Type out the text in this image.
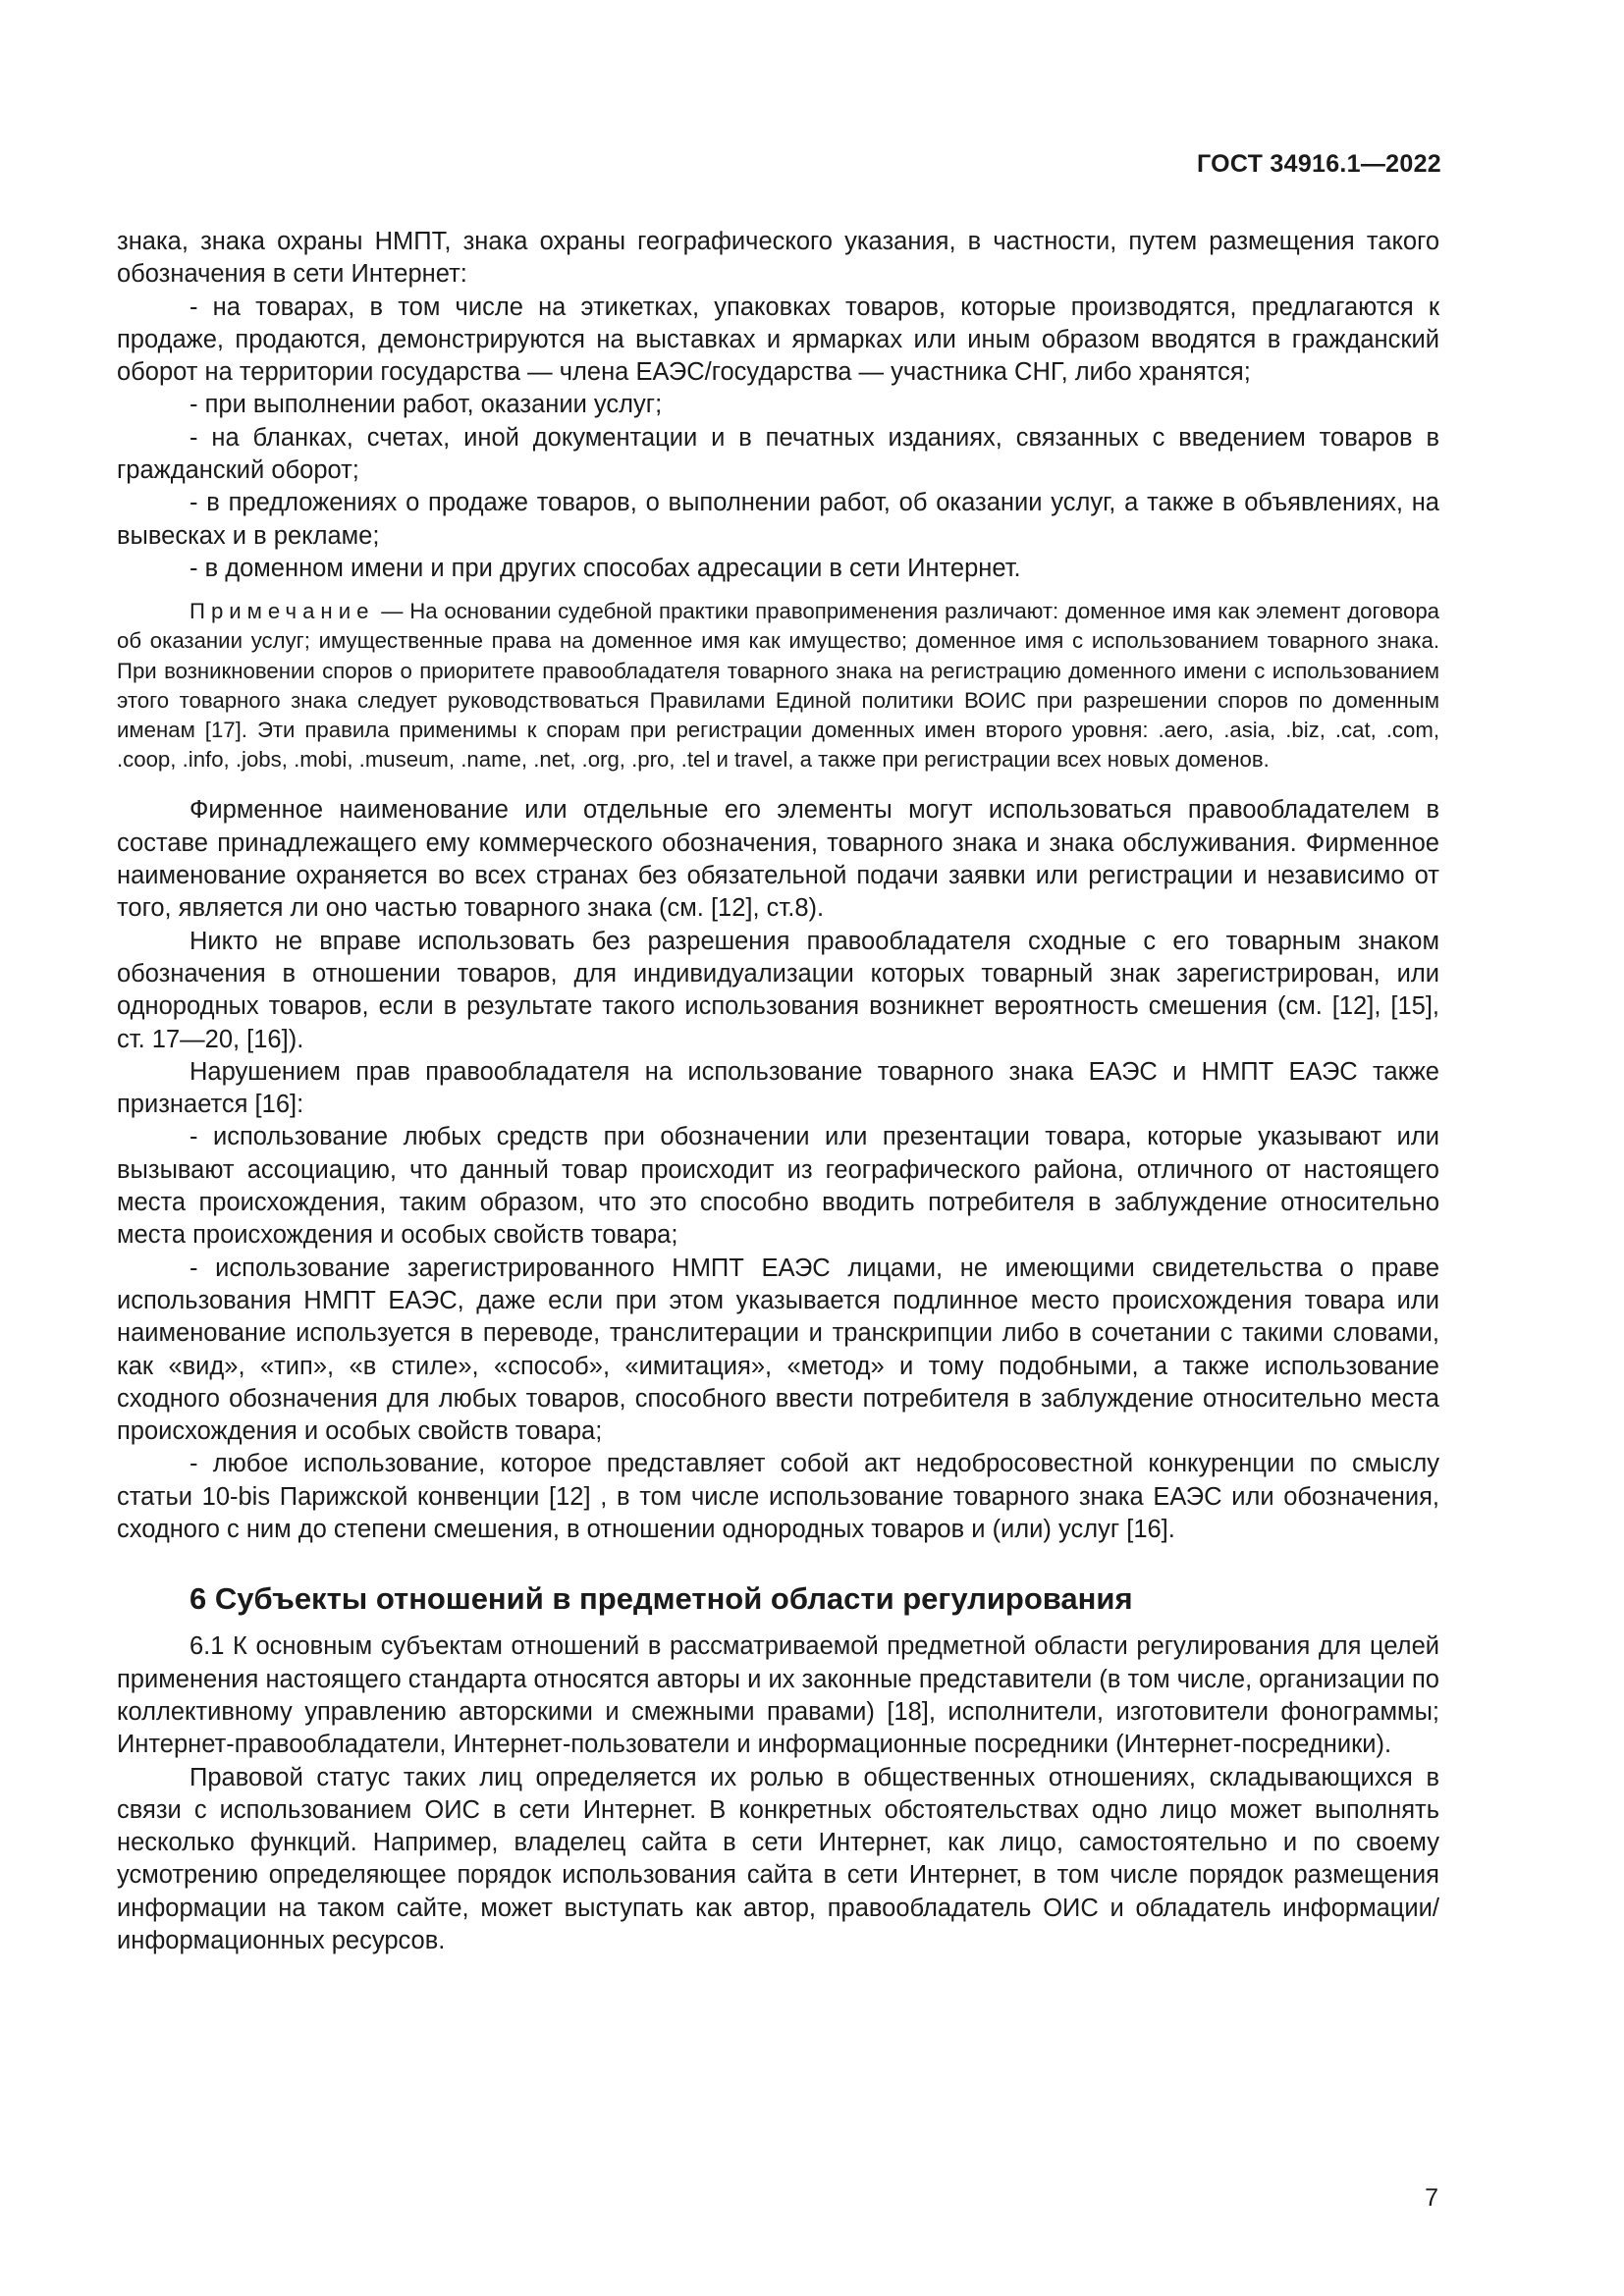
ГОСТ 34916.1—2022

знака, знака охраны НМПТ, знака охраны географического указания, в частности, путем размещения такого обозначения в сети Интернет:

- на товарах, в том числе на этикетках, упаковках товаров, которые производятся, предлагаются к продаже, продаются, демонстрируются на выставках и ярмарках или иным образом вводятся в гражданский оборот на территории государства — члена ЕАЭС/государства — участника СНГ, либо хранятся;

- при выполнении работ, оказании услуг;

- на бланках, счетах, иной документации и в печатных изданиях, связанных с введением товаров в гражданский оборот;

- в предложениях о продаже товаров, о выполнении работ, об оказании услуг, а также в объявлениях, на вывесках и в рекламе;

- в доменном имени и при других способах адресации в сети Интернет.

Примечание — На основании судебной практики правоприменения различают: доменное имя как элемент договора об оказании услуг; имущественные права на доменное имя как имущество; доменное имя с использованием товарного знака. При возникновении споров о приоритете правообладателя товарного знака на регистрацию доменного имени с использованием этого товарного знака следует руководствоваться Правилами Единой политики ВОИС при разрешении споров по доменным именам [17]. Эти правила применимы к спорам при регистрации доменных имен второго уровня: .aero, .asia, .biz, .cat, .com, .coop, .info, .jobs, .mobi, .museum, .name, .net, .org, .pro, .tel и travel, а также при регистрации всех новых доменов.

Фирменное наименование или отдельные его элементы могут использоваться правообладателем в составе принадлежащего ему коммерческого обозначения, товарного знака и знака обслуживания. Фирменное наименование охраняется во всех странах без обязательной подачи заявки или регистрации и независимо от того, является ли оно частью товарного знака (см. [12], ст.8).

Никто не вправе использовать без разрешения правообладателя сходные с его товарным знаком обозначения в отношении товаров, для индивидуализации которых товарный знак зарегистрирован, или однородных товаров, если в результате такого использования возникнет вероятность смешения (см. [12], [15], ст. 17—20, [16]).

Нарушением прав правообладателя на использование товарного знака ЕАЭС и НМПТ ЕАЭС также признается [16]:

- использование любых средств при обозначении или презентации товара, которые указывают или вызывают ассоциацию, что данный товар происходит из географического района, отличного от настоящего места происхождения, таким образом, что это способно вводить потребителя в заблуждение относительно места происхождения и особых свойств товара;

- использование зарегистрированного НМПТ ЕАЭС лицами, не имеющими свидетельства о праве использования НМПТ ЕАЭС, даже если при этом указывается подлинное место происхождения товара или наименование используется в переводе, транслитерации и транскрипции либо в сочетании с такими словами, как «вид», «тип», «в стиле», «способ», «имитация», «метод» и тому подобными, а также использование сходного обозначения для любых товаров, способного ввести потребителя в заблуждение относительно места происхождения и особых свойств товара;

- любое использование, которое представляет собой акт недобросовестной конкуренции по смыслу статьи 10-bis Парижской конвенции [12] , в том числе использование товарного знака ЕАЭС или обозначения, сходного с ним до степени смешения, в отношении однородных товаров и (или) услуг [16].

6 Субъекты отношений в предметной области регулирования

6.1 К основным субъектам отношений в рассматриваемой предметной области регулирования для целей применения настоящего стандарта относятся авторы и их законные представители (в том числе, организации по коллективному управлению авторскими и смежными правами) [18], исполнители, изготовители фонограммы; Интернет-правообладатели, Интернет-пользователи и информационные посредники (Интернет-посредники).

Правовой статус таких лиц определяется их ролью в общественных отношениях, складывающихся в связи с использованием ОИС в сети Интернет. В конкретных обстоятельствах одно лицо может выполнять несколько функций. Например, владелец сайта в сети Интернет, как лицо, самостоятельно и по своему усмотрению определяющее порядок использования сайта в сети Интернет, в том числе порядок размещения информации на таком сайте, может выступать как автор, правообладатель ОИС и обладатель информации/информационных ресурсов.

7
